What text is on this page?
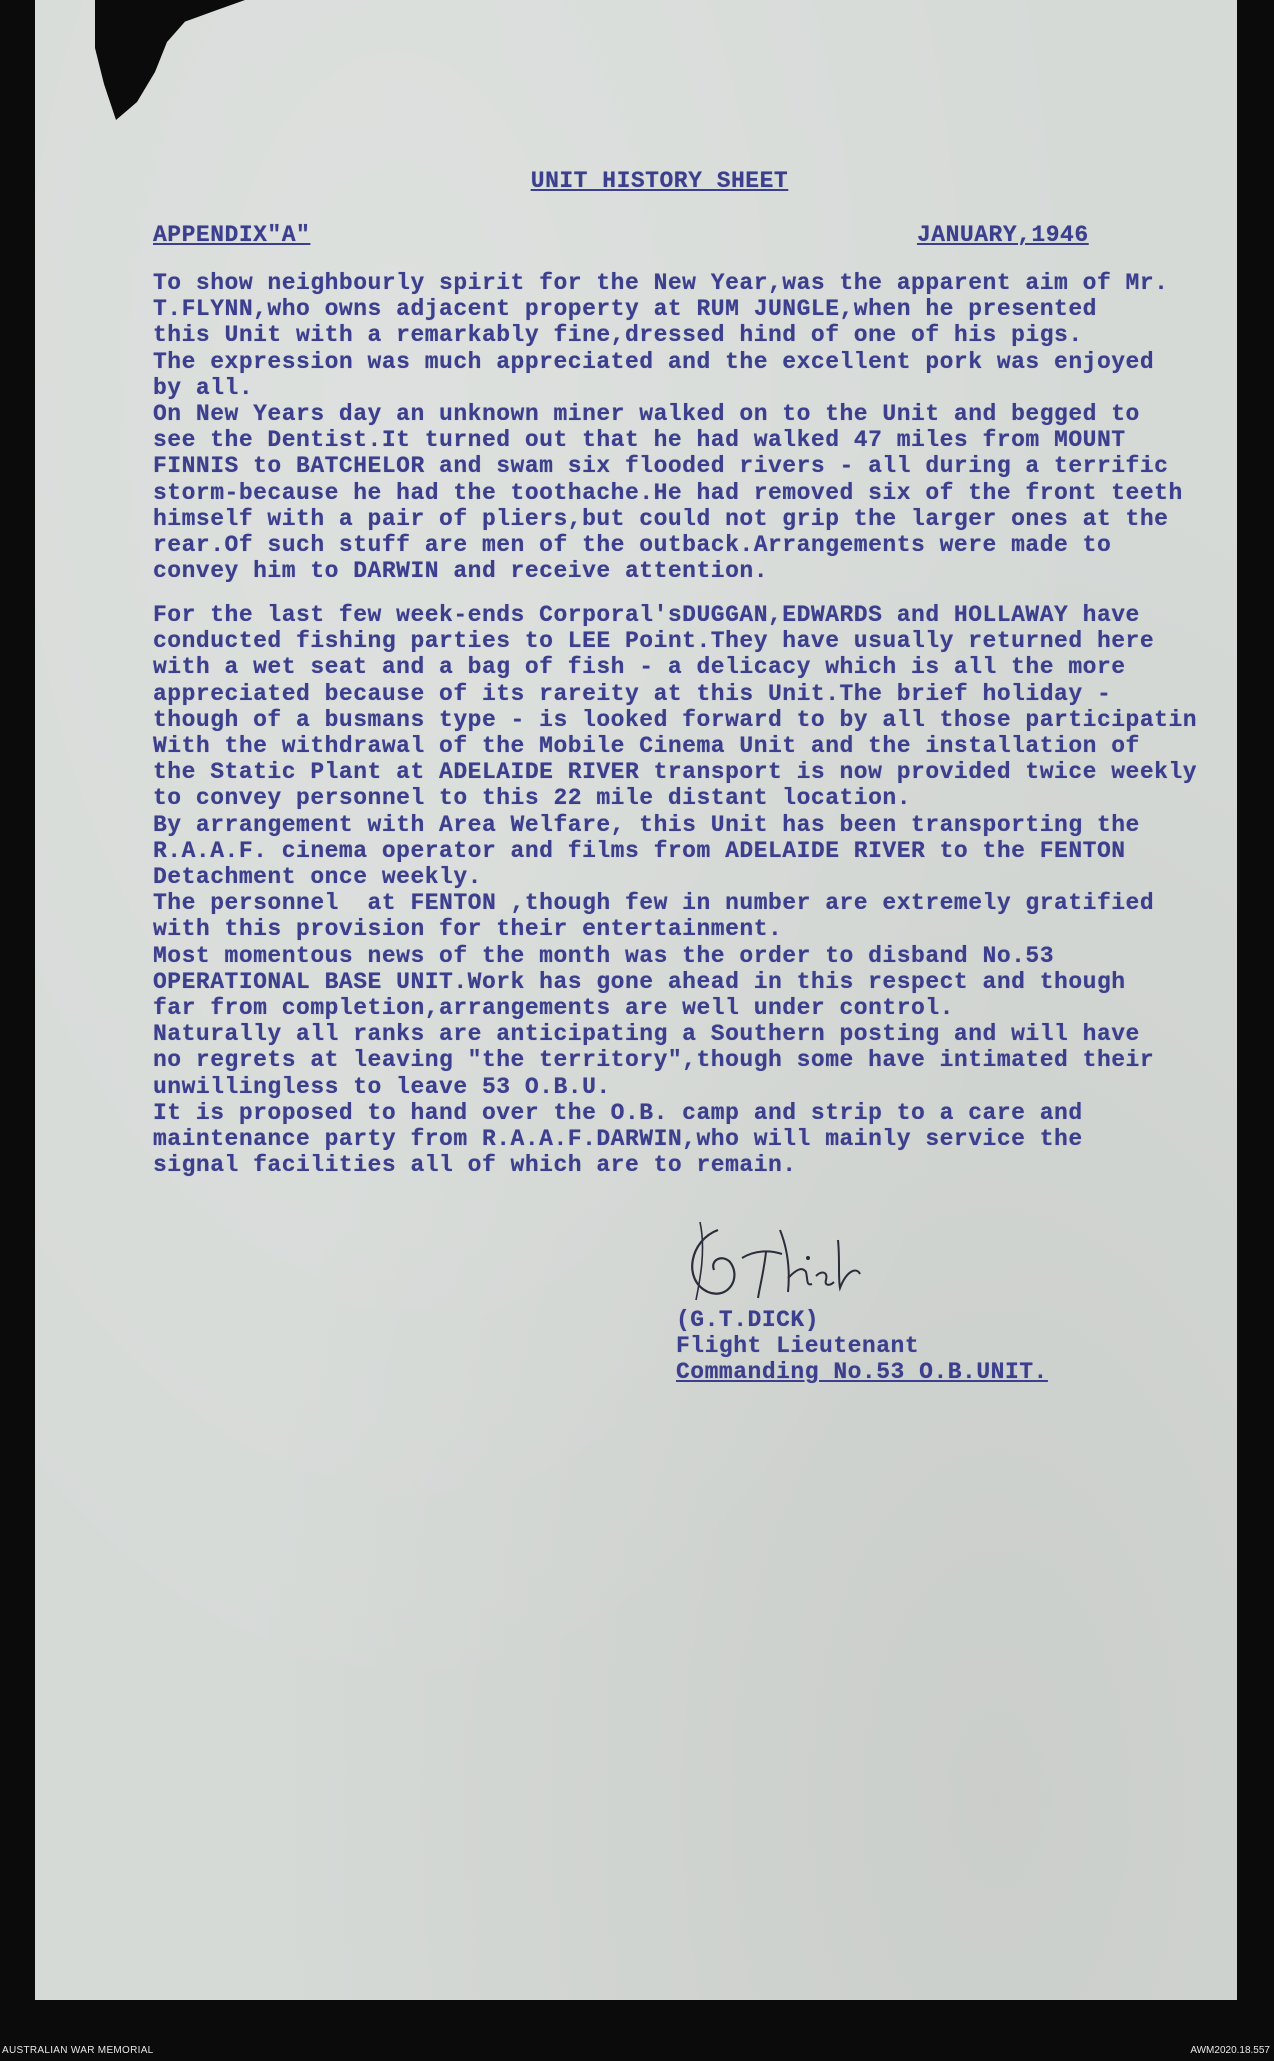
UNIT HISTORY SHEET
APPENDIX"A"	JANUARY,1946
To show neighbourly spirit for the New Year,was the apparent aim of Mr.
T.FLYNN,who owns adjacent property at RUM JUNGLE,when he presented
this Unit with a remarkably fine,dressed hind of one of his pigs.
The expression was much appreciated and the excellent pork was enjoyed
by all.
On New Years day an unknown miner walked on to the Unit and begged to
see the Dentist.It turned out that he had walked 47 miles from MOUNT
FINNIS to BATCHELOR and swam six flooded rivers - all during a terrific
storm-because he had the toothache.He had removed six of the front teeth
himself with a pair of pliers,but could not grip the larger ones at the
rear.Of such stuff are men of the outback.Arrangements were made to
convey him to DARWIN and receive attention.
For the last few week-ends Corporal'sDUGGAN,EDWARDS and HOLLAWAY have
conducted fishing parties to LEE Point.They have usually returned here
with a wet seat and a bag of fish - a delicacy which is all the more
appreciated because of its rareity at this Unit.The brief holiday -
though of a busmans type - is looked forward to by all those participatin
With the withdrawal of the Mobile Cinema Unit and the installation of
the Static Plant at ADELAIDE RIVER transport is now provided twice weekly
to convey personnel to this 22 mile distant location.
By arrangement with Area Welfare, this Unit has been transporting the
R.A.A.F. cinema operator and films from ADELAIDE RIVER to the FENTON
Detachment once weekly.
The personnel  at FENTON ,though few in number are extremely gratified
with this provision for their entertainment.
Most momentous news of the month was the order to disband No.53
OPERATIONAL BASE UNIT.Work has gone ahead in this respect and though
far from completion,arrangements are well under control.
Naturally all ranks are anticipating a Southern posting and will have
no regrets at leaving "the territory",though some have intimated their
unwillingless to leave 53 O.B.U.
It is proposed to hand over the O.B. camp and strip to a care and
maintenance party from R.A.A.F.DARWIN,who will mainly service the
signal facilities all of which are to remain.
(G.T.DICK)
Flight Lieutenant
Commanding No.53 O.B.UNIT.
AUSTRALIAN WAR MEMORIAL	AWM2020.18.557
